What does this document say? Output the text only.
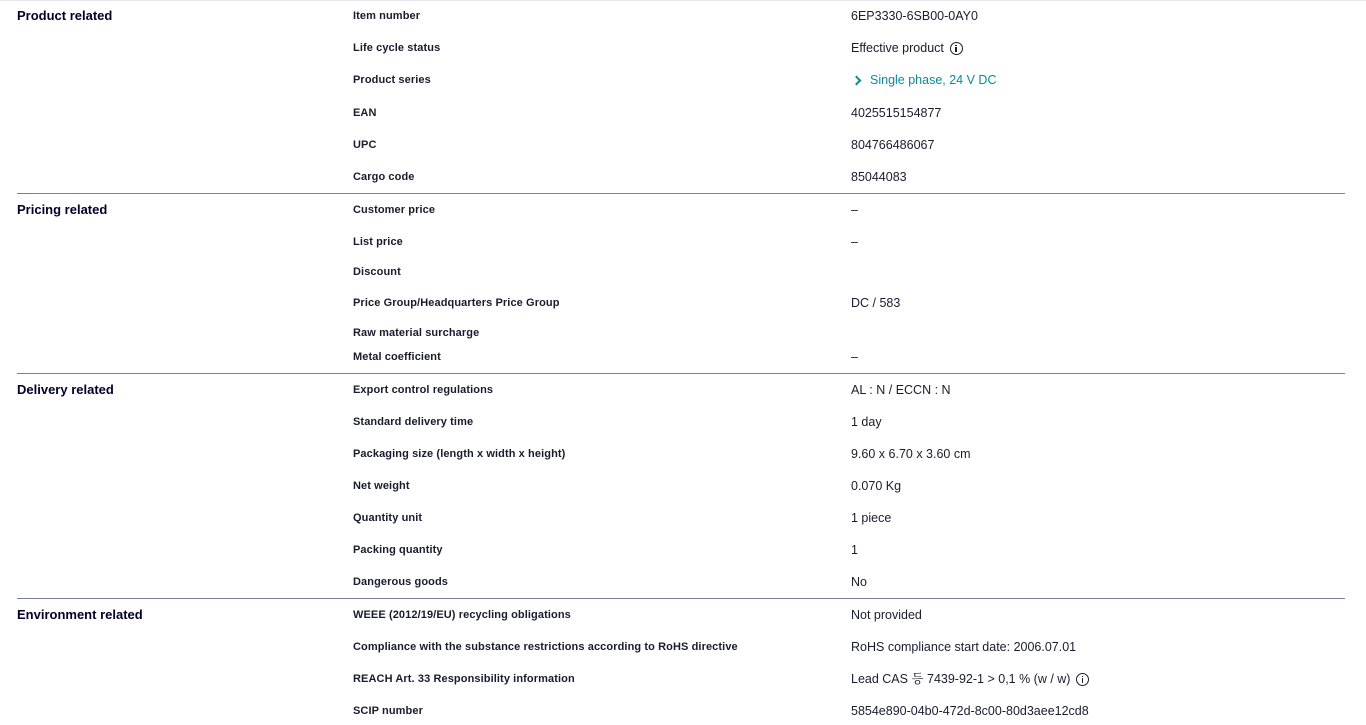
Product related	Item number	6EP3330-6SB00-0AY0
Life cycle status	Effective product
Product series	Single phase, 24 V DC
EAN	4025515154877
UPC	804766486067
Cargo code	85044083
Pricing related	Customer price	–
List price	–
Discount
Price Group/Headquarters Price Group	DC / 583
Raw material surcharge
Metal coefficient	–
Delivery related	Export control regulations	AL : N / ECCN : N
Standard delivery time	1 day
Packaging size (length x width x height)	9.60 x 6.70 x 3.60 cm
Net weight	0.070 Kg
Quantity unit	1 piece
Packing quantity	1
Dangerous goods	No
Environment related	WEEE (2012/19/EU) recycling obligations	Not provided
Compliance with the substance restrictions according to RoHS directive	RoHS compliance start date: 2006.07.01
REACH Art. 33 Responsibility information	Lead CAS 등 7439-92-1 > 0,1 % (w / w)
SCIP number	5854e890-04b0-472d-8c00-80d3aee12cd8
